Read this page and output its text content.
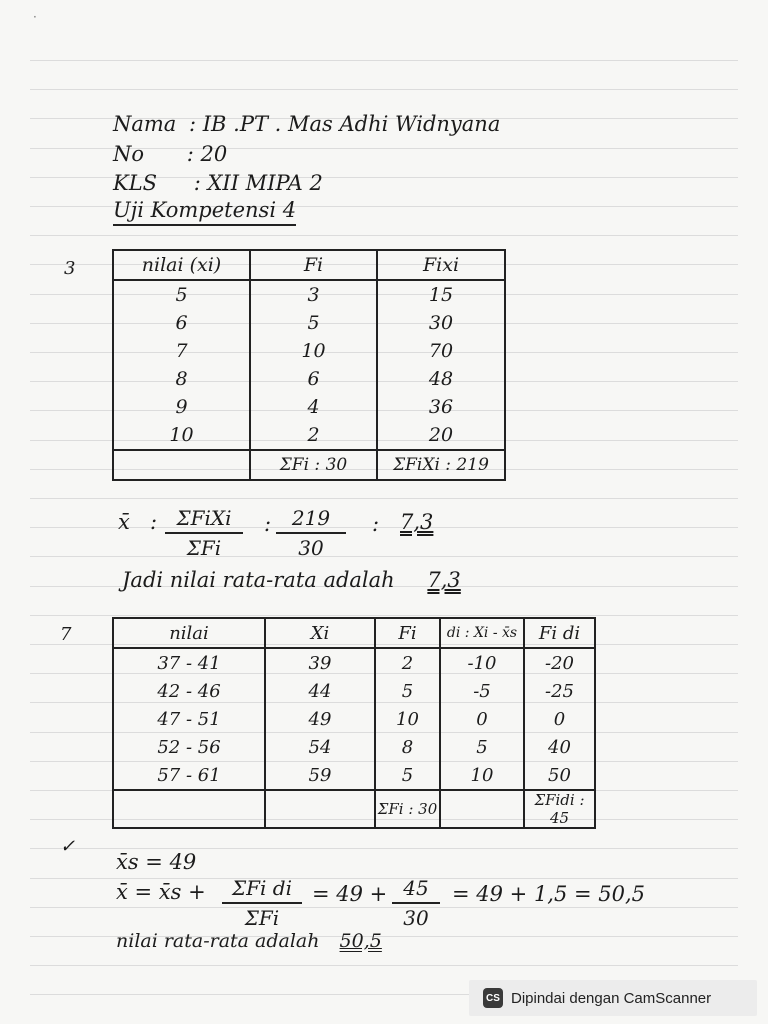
·
Nama : IB .PT . Mas Adhi Widnyana
No : 20
KLS : XII MIPA 2
Uji Kompetensi 4
3	nilai (xi)	Fi	Fixi
5	3	15
6	5	30
7	10	70
8	6	48
9	4	36
10	2	20
	ΣFi : 30	ΣFiXi : 219
x̄ : ΣFiXi
ΣFi
: $\frac{219}{30}$ : 7,3
Jadi nilai rata-rata adalah 7,3
7	nilai	Xi	Fi	di : Xi - x̄s	Fi di
37 - 41	39	2	-10	-20
42 - 46	44	5	-5	-25
47 - 51	49	10	0	0
52 - 56	54	8	5	40
57 - 61	59	5	10	50
		ΣFi : 30		ΣFidi : 45
✓
x̄s = 49
x̄ = x̄s +	ΣFi di
ΣFi
= $49 + \frac{45}{30} = 49 + 1,5 = 50,5$
nilai rata-rata adalah 50,5
CS Dipindai dengan CamScanner
